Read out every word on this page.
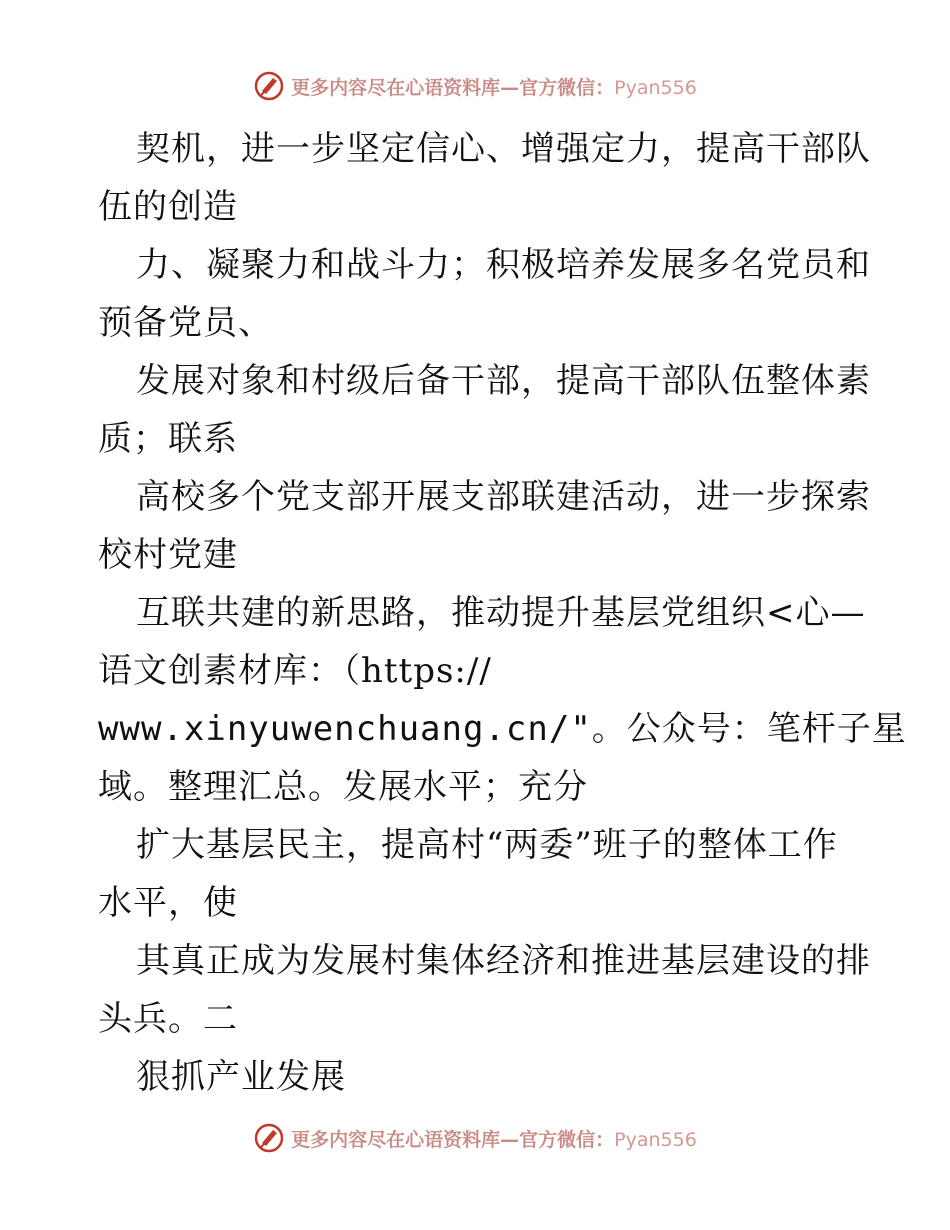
更多内容尽在心语资料库—官方微信：Pyan556
契机，进一步坚定信心、增强定力，提高干部队
伍的创造
力、凝聚力和战斗力；积极培养发展多名党员和
预备党员、
发展对象和村级后备干部，提高干部队伍整体素
质；联系
高校多个党支部开展支部联建活动，进一步探索
校村党建
互联共建的新思路，推动提升基层党组织<心—
语文创素材库：（https://
www.xinyuwenchuang.cn/"。公众号：笔杆子星
域。整理汇总。发展水平；充分
扩大基层民主，提高村“两委”班子的整体工作
水平，使
其真正成为发展村集体经济和推进基层建设的排
头兵。二
狠抓产业发展
更多内容尽在心语资料库—官方微信：Pyan556
